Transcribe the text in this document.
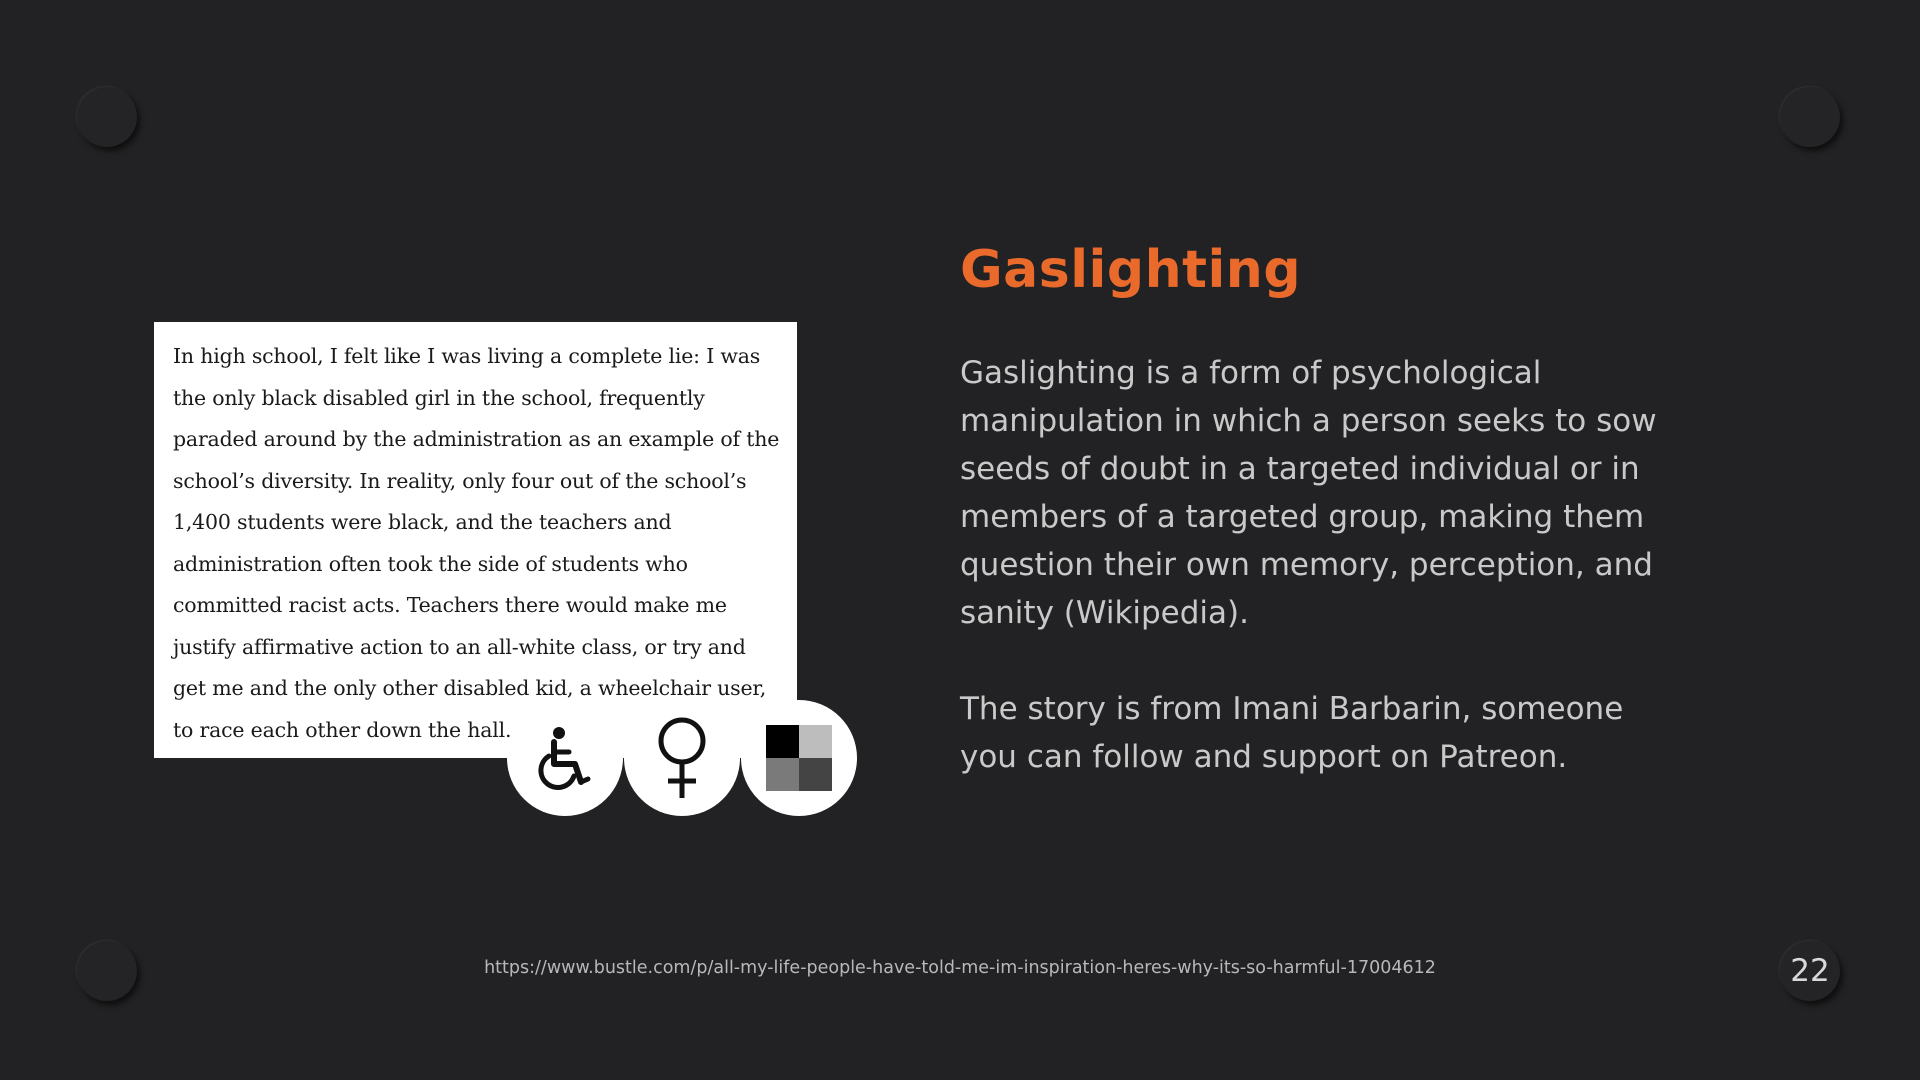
In high school, I felt like I was living a complete lie: I was the only black disabled girl in the school, frequently paraded around by the administration as an example of the school’s diversity. In reality, only four out of the school’s 1,400 students were black, and the teachers and administration often took the side of students who committed racist acts. Teachers there would make me justify affirmative action to an all-white class, or try and get me and the only other disabled kid, a wheelchair user, to race each other down the hall.

Gaslighting

Gaslighting is a form of psychological manipulation in which a person seeks to sow seeds of doubt in a targeted individual or in members of a targeted group, making them question their own memory, perception, and sanity (Wikipedia).

The story is from Imani Barbarin, someone you can follow and support on Patreon.

https://www.bustle.com/p/all-my-life-people-have-told-me-im-inspiration-heres-why-its-so-harmful-17004612	22
